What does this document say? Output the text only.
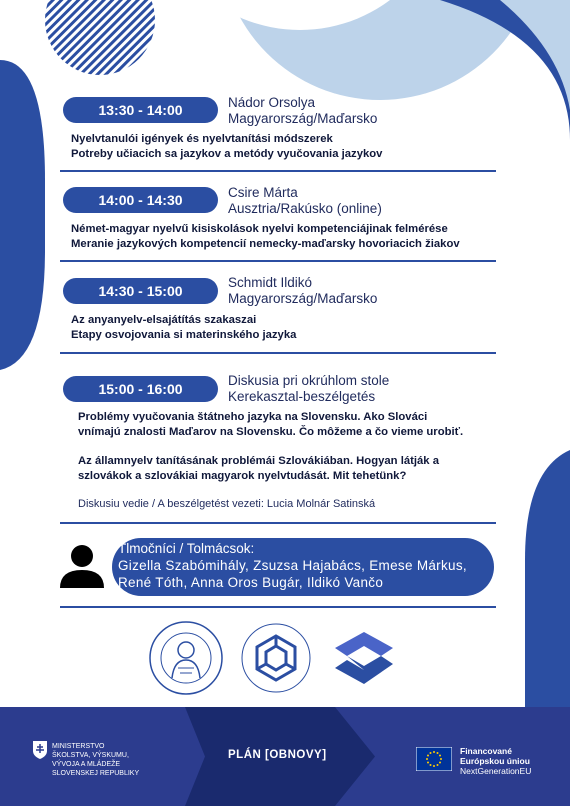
13:30 - 14:00	Nádor Orsolya
Magyarország/Maďarsko
Nyelvtanulói igények és nyelvtanítási módszerek
Potreby učiacich sa jazykov a metódy vyučovania jazykov
14:00 - 14:30	Csire Márta
Ausztria/Rakúsko (online)
Német-magyar nyelvű kisiskolások nyelvi kompetenciájinak felmérése
Meranie jazykových kompetencií nemecky-maďarsky hovoriacich žiakov
14:30 - 15:00
Schmidt Ildikó
Magyarország/Maďarsko
Az anyanyelv-elsajátítás szakaszai
Etapy osvojovania si materinského jazyka
15:00 - 16:00
Diskusia pri okrúhlom stole
Kerekasztal-beszélgetés
Problémy vyučovania štátneho jazyka na Slovensku. Ako Slováci vnímajú znalosti Maďarov na Slovensku. Čo môžeme a čo vieme urobiť.
Az államnyelv tanításának problémái Szlovákiában. Hogyan látják a szlovákok a szlovákiai magyarok nyelvtudását. Mit tehetünk?
Diskusiu vedie / A beszélgetést vezeti: Lucia Molnár Satinská
Tlmočníci / Tolmácsok:
Gizella Szabómihály, Zsuzsa Hajabács, Emese Márkus,
René Tóth, Anna Oros Bugár, Ildikó Vančo
MINISTERSTVO
ŠKOLSTVA, VÝSKUMU,
VÝVOJA A MLÁDEŽE
SLOVENSKEJ REPUBLIKY
PLÁN [OBNOVY]	Financované
Európskou úniou
NextGenerationEU
